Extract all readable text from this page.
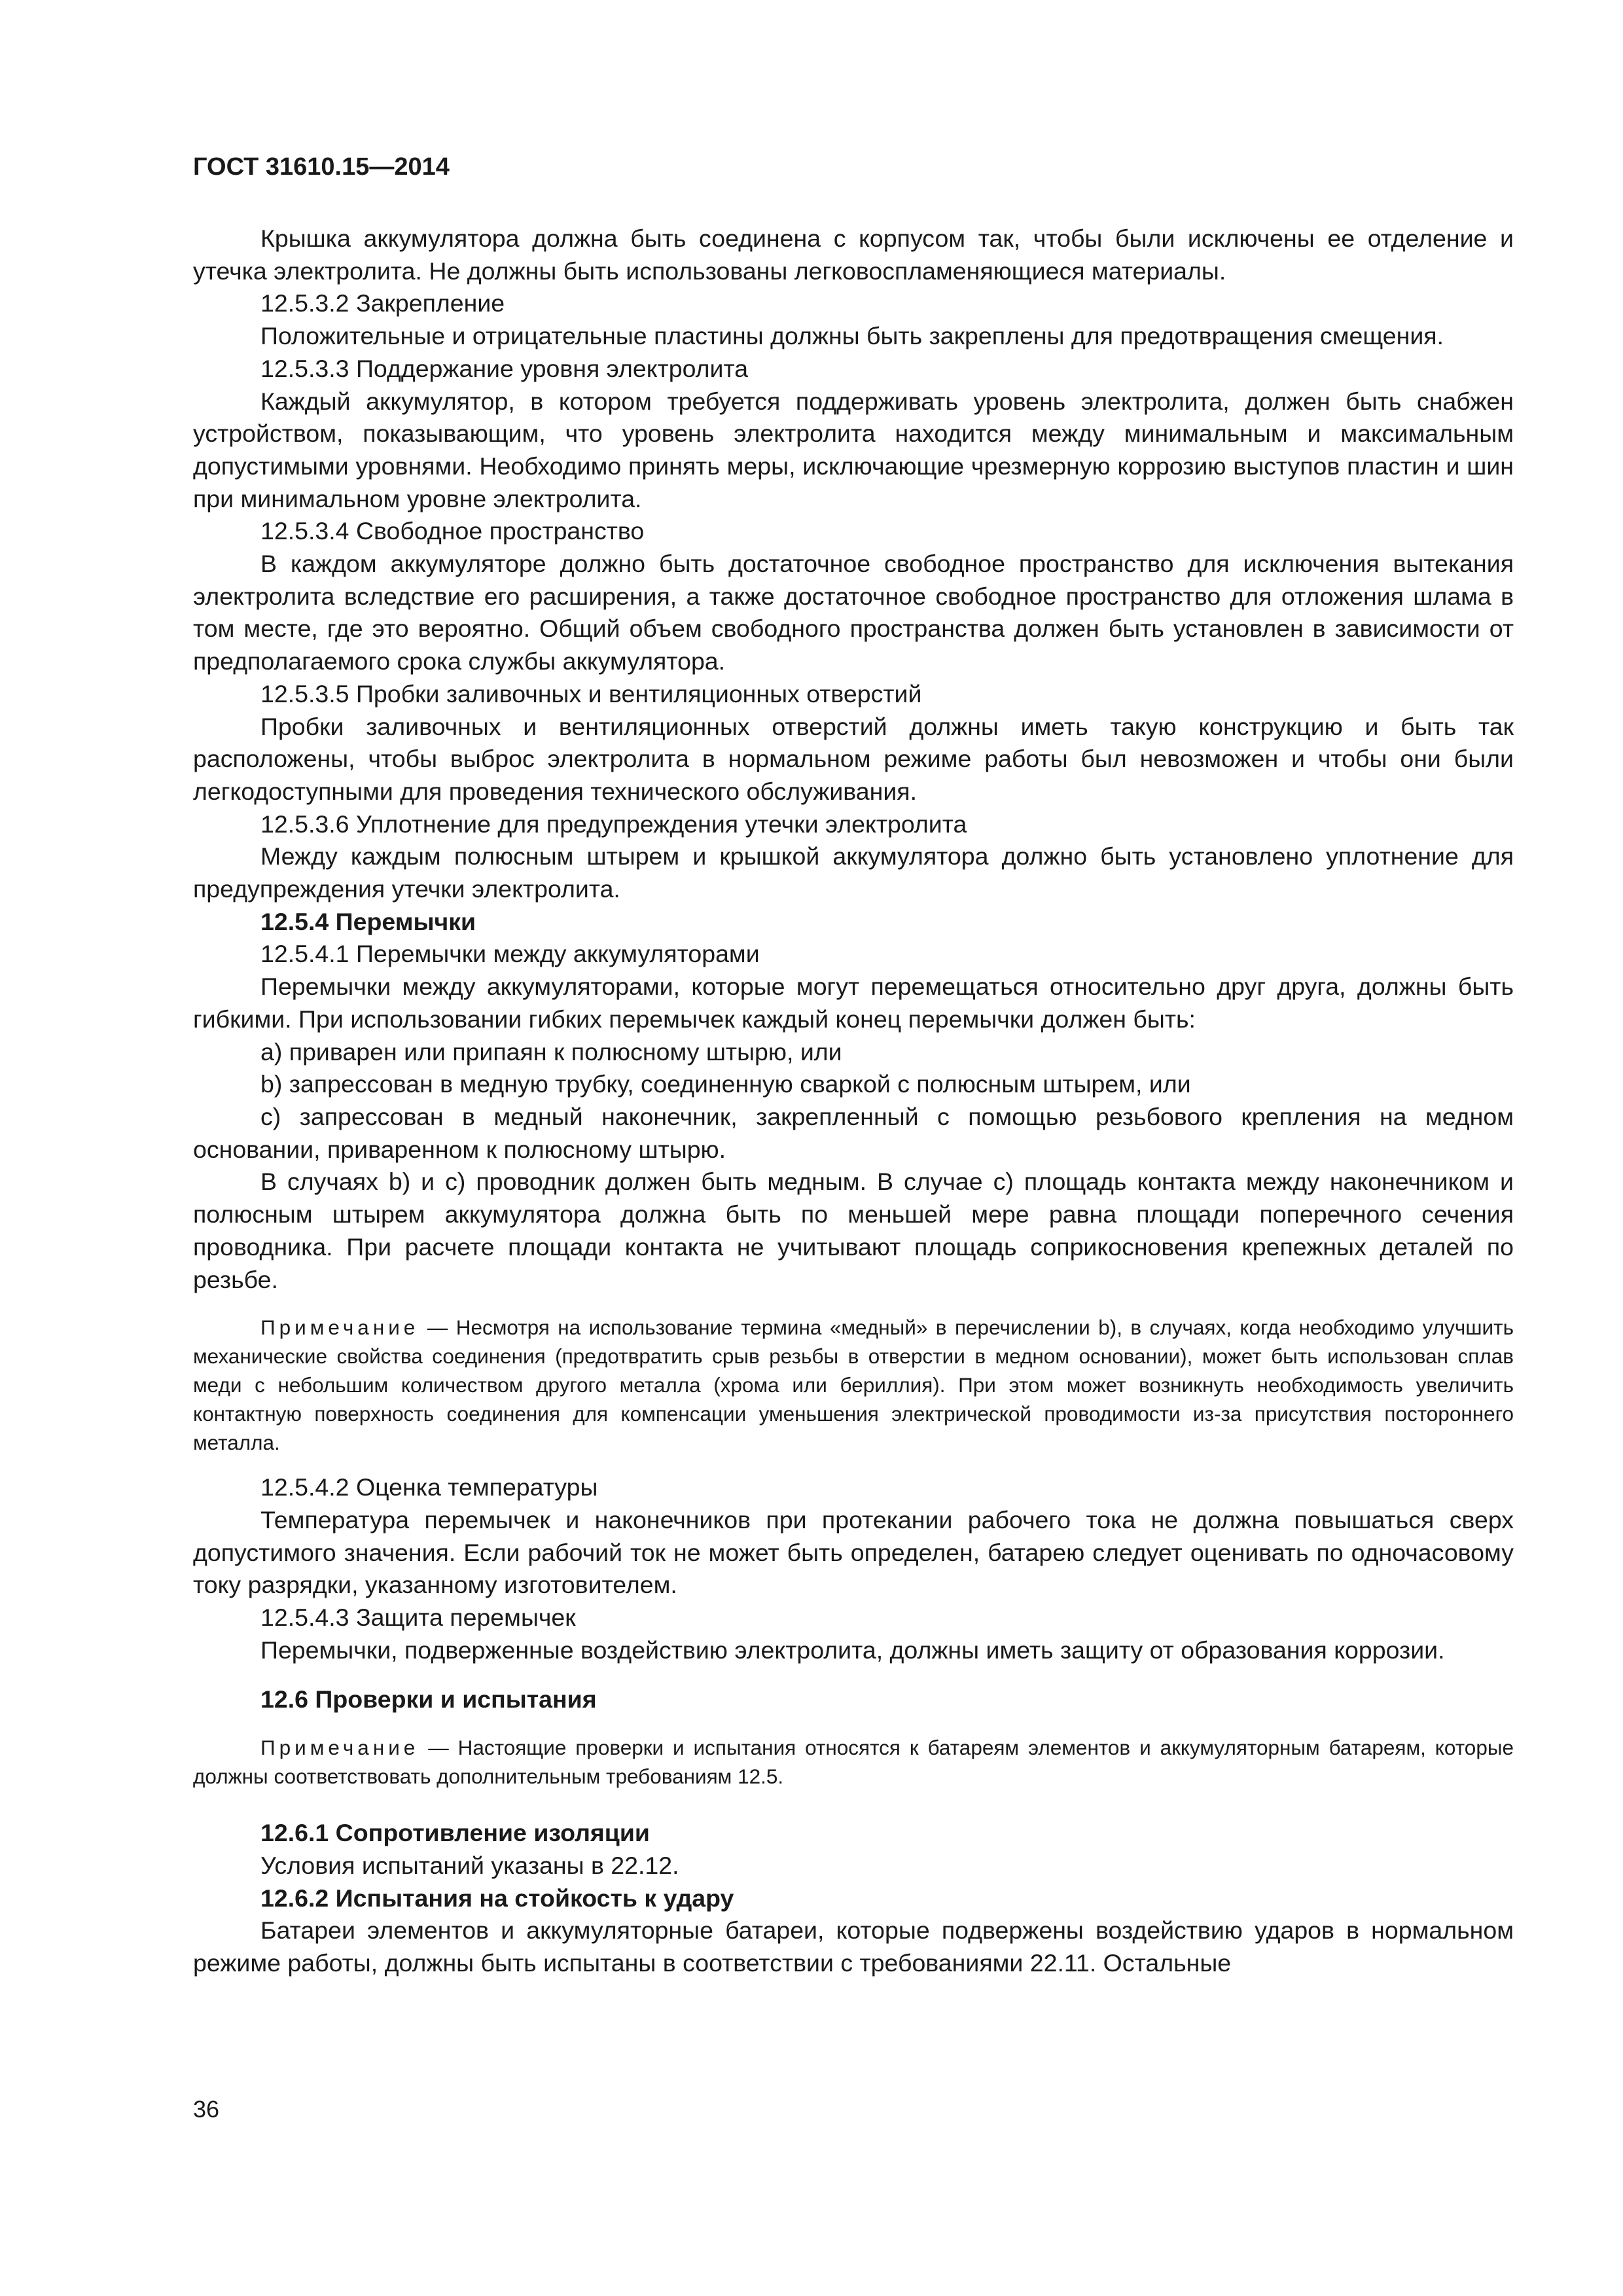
ГОСТ 31610.15—2014

Крышка аккумулятора должна быть соединена с корпусом так, чтобы были исключены ее отделение и утечка электролита. Не должны быть использованы легковоспламеняющиеся материалы.

12.5.3.2 Закрепление

Положительные и отрицательные пластины должны быть закреплены для предотвращения смещения.

12.5.3.3 Поддержание уровня электролита

Каждый аккумулятор, в котором требуется поддерживать уровень электролита, должен быть снабжен устройством, показывающим, что уровень электролита находится между минимальным и максимальным допустимыми уровнями. Необходимо принять меры, исключающие чрезмерную коррозию выступов пластин и шин при минимальном уровне электролита.

12.5.3.4 Свободное пространство

В каждом аккумуляторе должно быть достаточное свободное пространство для исключения вытекания электролита вследствие его расширения, а также достаточное свободное пространство для отложения шлама в том месте, где это вероятно. Общий объем свободного пространства должен быть установлен в зависимости от предполагаемого срока службы аккумулятора.

12.5.3.5 Пробки заливочных и вентиляционных отверстий

Пробки заливочных и вентиляционных отверстий должны иметь такую конструкцию и быть так расположены, чтобы выброс электролита в нормальном режиме работы был невозможен и чтобы они были легкодоступными для проведения технического обслуживания.

12.5.3.6 Уплотнение для предупреждения утечки электролита

Между каждым полюсным штырем и крышкой аккумулятора должно быть установлено уплотнение для предупреждения утечки электролита.

12.5.4 Перемычки

12.5.4.1 Перемычки между аккумуляторами

Перемычки между аккумуляторами, которые могут перемещаться относительно друг друга, должны быть гибкими. При использовании гибких перемычек каждый конец перемычки должен быть:

a) приварен или припаян к полюсному штырю, или

b) запрессован в медную трубку, соединенную сваркой с полюсным штырем, или

c) запрессован в медный наконечник, закрепленный с помощью резьбового крепления на медном основании, приваренном к полюсному штырю.

В случаях b) и c) проводник должен быть медным. В случае c) площадь контакта между наконечником и полюсным штырем аккумулятора должна быть по меньшей мере равна площади поперечного сечения проводника. При расчете площади контакта не учитывают площадь соприкосновения крепежных деталей по резьбе.

Примечание — Несмотря на использование термина «медный» в перечислении b), в случаях, когда необходимо улучшить механические свойства соединения (предотвратить срыв резьбы в отверстии в медном основании), может быть использован сплав меди с небольшим количеством другого металла (хрома или бериллия). При этом может возникнуть необходимость увеличить контактную поверхность соединения для компенсации уменьшения электрической проводимости из-за присутствия постороннего металла.

12.5.4.2 Оценка температуры

Температура перемычек и наконечников при протекании рабочего тока не должна повышаться сверх допустимого значения. Если рабочий ток не может быть определен, батарею следует оценивать по одночасовому току разрядки, указанному изготовителем.

12.5.4.3 Защита перемычек

Перемычки, подверженные воздействию электролита, должны иметь защиту от образования коррозии.

12.6 Проверки и испытания

Примечание — Настоящие проверки и испытания относятся к батареям элементов и аккумуляторным батареям, которые должны соответствовать дополнительным требованиям 12.5.

12.6.1 Сопротивление изоляции

Условия испытаний указаны в 22.12.

12.6.2 Испытания на стойкость к удару

Батареи элементов и аккумуляторные батареи, которые подвержены воздействию ударов в нормальном режиме работы, должны быть испытаны в соответствии с требованиями 22.11. Остальные

36
